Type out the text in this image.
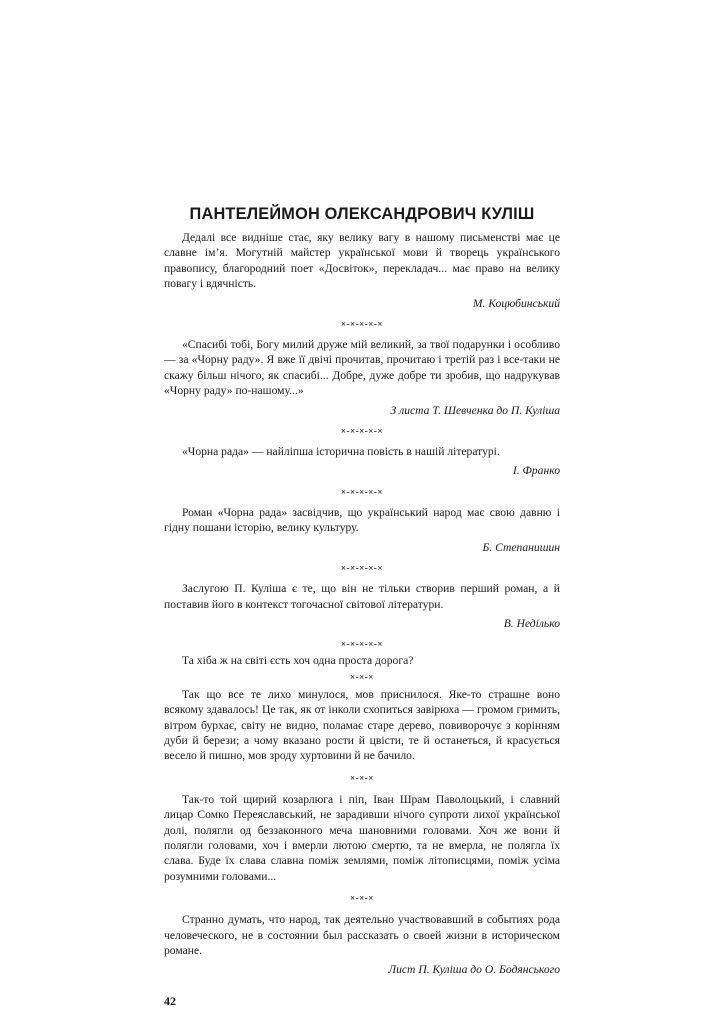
ПАНТЕЛЕЙМОН ОЛЕКСАНДРОВИЧ КУЛІШ

Дедалі все виднішe стає, яку велику вагу в нашому письменстві має це славне ім’я. Могутній майстер української мови й творець українського правопису, благородний поет «Досвіток», перекладач... має право на велику повагу і вдячність.

М. Коцюбинський

×-×-×-×-×

«Спасибі тобі, Богу милий друже мій великий, за твої подарунки і особливо — за «Чорну раду». Я вже її двічі прочитав, прочитаю і третій раз і все-таки не скажу більш нічого, як спасибі... Добре, дуже добре ти зробив, що надрукував «Чорну раду» по-нашому...»

З листа Т. Шевченка до П. Куліша

×-×-×-×-×

«Чорна рада» — найліпша історична повість в нашій літературі.

І. Франко

×-×-×-×-×

Роман «Чорна рада» засвідчив, що український народ має свою давню і гідну пошани історію, велику культуру.

Б. Степанишин

×-×-×-×-×

Заслугою П. Куліша є те, що він не тільки створив перший роман, а й поставив його в контекст тогочасної світової літератури.

В. Неділько

×-×-×-×-×

Та хіба ж на світі єсть хоч одна проста дорога?

×-×-×

Так що все те лихо минулося, мов приснилося. Яке-то страшне воно всякому здавалось! Це так, як от інколи схопиться завірюха — громом гримить, вітром бурхає, світу не видно, поламає старе дерево, повиворочує з корінням дуби й берези; а чому вказано рости й цвісти, те й останеться, й красується весело й пишно, мов зроду хуртовини й не бачило.

×-×-×

Так-то той щирий козарлюга і піп, Іван Шрам Паволоцький, і славний лицар Сомко Переяславський, не зарадивши нічого супроти лихої української долі, полягли од беззаконного меча шановними головами. Хоч же вони й полягли головами, хоч і вмерли лютою смертю, та не вмерла, не полягла їх слава. Буде їх слава славна поміж землями, поміж літописцями, поміж усіма розумними головами...

×-×-×

Странно думать, что народ, так деятельно участвовавший в событиях рода человеческого, не в состоянии был рассказать о своей жизни в историческом романе.

Лист П. Куліша до О. Бодянського

42
